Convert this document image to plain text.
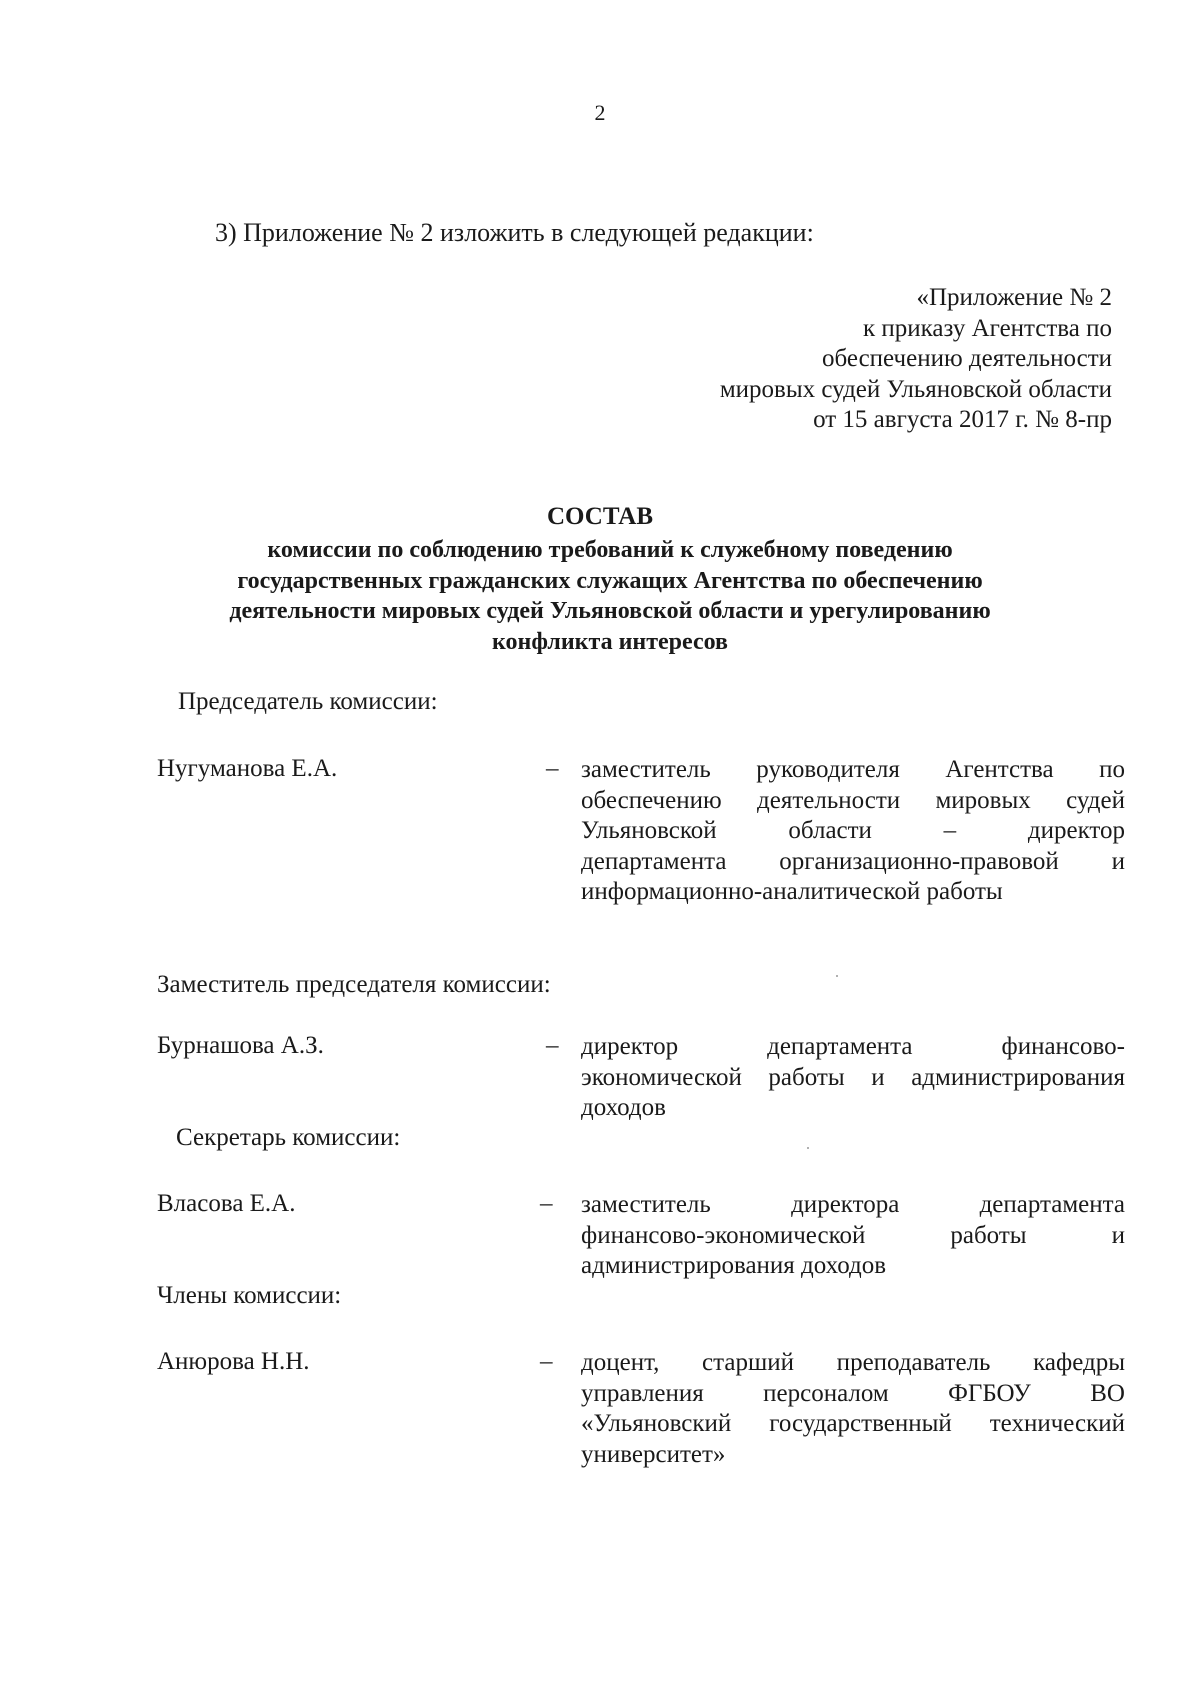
2
3) Приложение № 2 изложить в следующей редакции:
«Приложение № 2
к приказу Агентства по
обеспечению деятельности
мировых судей Ульяновской области
от 15 августа 2017 г. № 8-пр
СОСТАВ
комиссии по соблюдению требований к служебному поведению
государственных гражданских служащих Агентства по обеспечению
деятельности мировых судей Ульяновской области и урегулированию
конфликта интересов
Председатель комиссии:
Нугуманова Е.А.	– заместитель руководителя Агентства по
обеспечению деятельности мировых судей
Ульяновской области – директор
департамента организационно-правовой и
информационно-аналитической работы
Заместитель председателя комиссии:
Бурнашова А.З.	– директор департамента финансово-
экономической работы и администрирования
доходов
Секретарь комиссии:
Власова Е.А.	– заместитель директора департамента
финансово-экономической работы и
администрирования доходов
Члены комиссии:
Анюрова Н.Н.	– доцент, старший преподаватель кафедры
управления персоналом ФГБОУ ВО
«Ульяновский государственный технический
университет»
